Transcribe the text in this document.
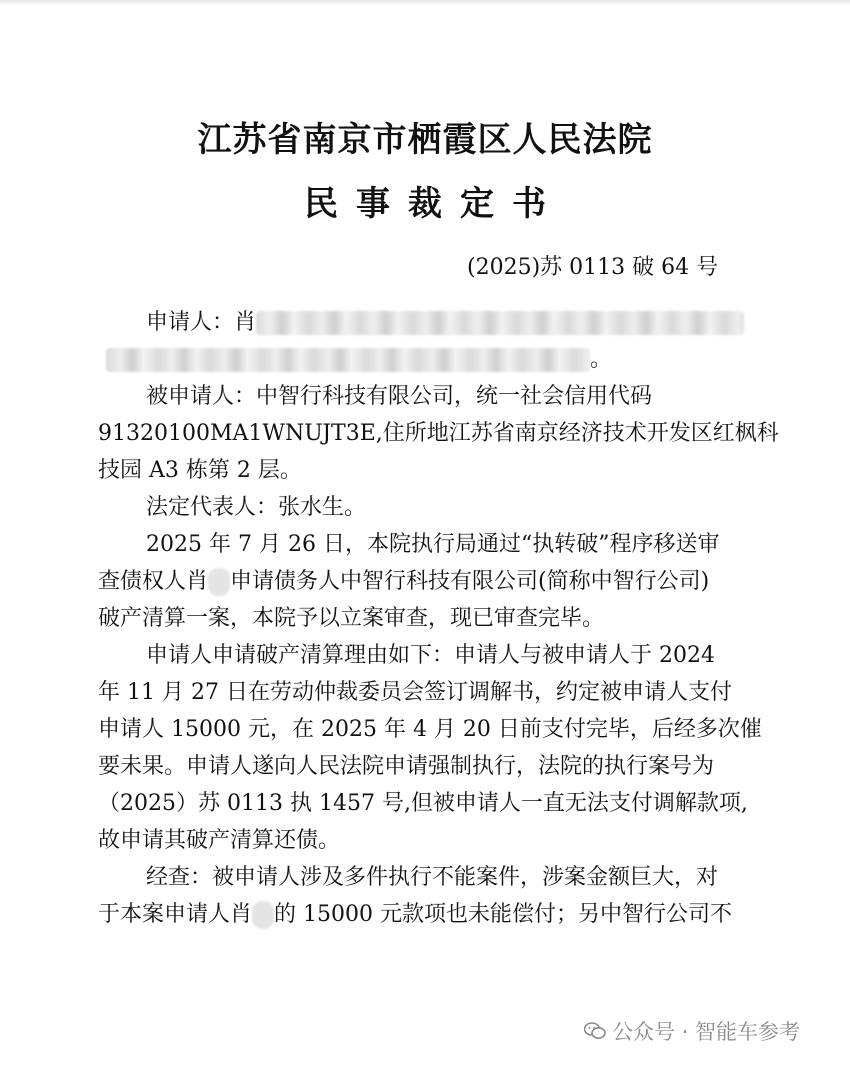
江苏省南京市栖霞区人民法院
民事裁定书
(2025)苏 0113 破 64 号
申请人：肖
。
被申请人：中智行科技有限公司，统一社会信用代码
91320100MA1WNUJT3E,住所地江苏省南京经济技术开发区红枫科
技园 A3 栋第 2 层。
法定代表人：张水生。
2025 年 7 月 26 日，本院执行局通过“执转破”程序移送审
查债权人肖 申请债务人中智行科技有限公司(简称中智行公司)
破产清算一案，本院予以立案审查，现已审查完毕。
申请人申请破产清算理由如下：申请人与被申请人于 2024
年 11 月 27 日在劳动仲裁委员会签订调解书，约定被申请人支付
申请人 15000 元，在 2025 年 4 月 20 日前支付完毕，后经多次催
要未果。申请人遂向人民法院申请强制执行，法院的执行案号为
（2025）苏 0113 执 1457 号,但被申请人一直无法支付调解款项,
故申请其破产清算还债。
经查：被申请人涉及多件执行不能案件，涉案金额巨大，对
于本案申请人肖 的 15000 元款项也未能偿付；另中智行公司不
公众号 · 智能车参考
